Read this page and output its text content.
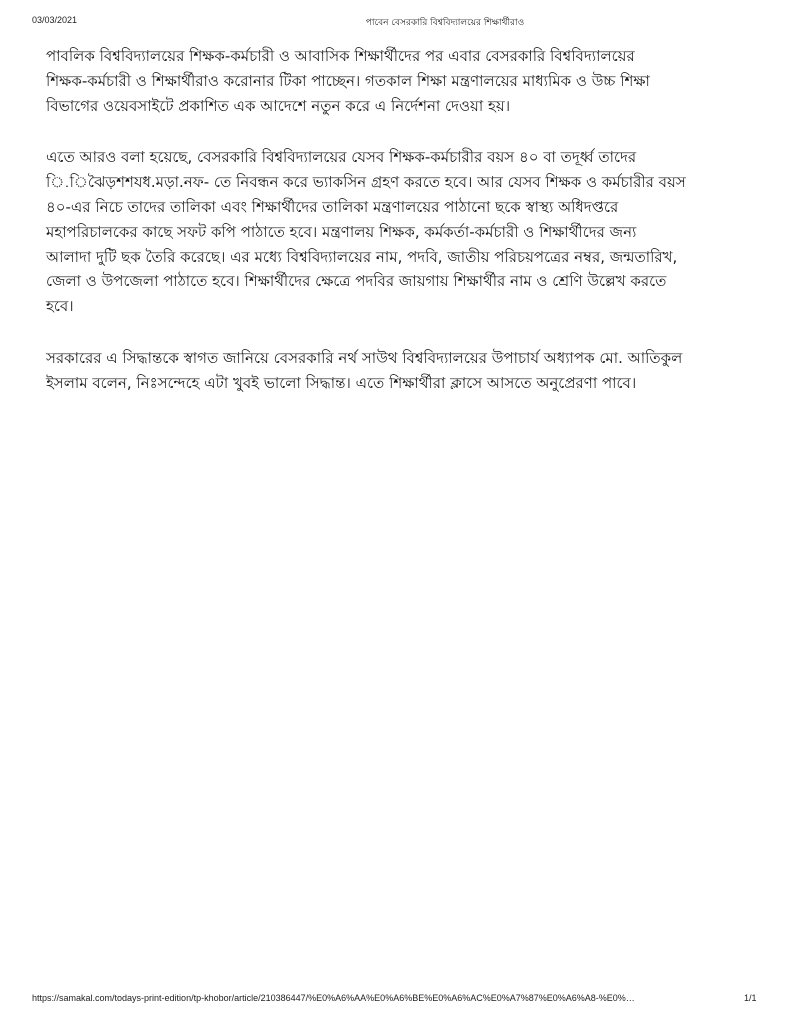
03/03/2021	পাবেন বেসরকারি বিশ্ববিদ্যালয়ের শিক্ষার্থীরাও

পাবলিক বিশ্ববিদ্যালয়ের শিক্ষক-কর্মচারী ও আবাসিক শিক্ষার্থীদের পর এবার বেসরকারি বিশ্ববিদ্যালয়ের
শিক্ষক-কর্মচারী ও শিক্ষার্থীরাও করোনার টিকা পাচ্ছেন। গতকাল শিক্ষা মন্ত্রণালয়ের মাধ্যমিক ও উচ্চ শিক্ষা
বিভাগের ওয়েবসাইটে প্রকাশিত এক আদেশে নতুন করে এ নির্দেশনা দেওয়া হয়।

এতে আরও বলা হয়েছে, বেসরকারি বিশ্ববিদ্যালয়ের যেসব শিক্ষক-কর্মচারীর বয়স ৪০ বা তদূর্ধ্ব তাদের
ি.িঝৈড়শশযধ.মড়া.নফ- তে নিবন্ধন করে ভ্যাকসিন গ্রহণ করতে হবে। আর যেসব শিক্ষক ও কর্মচারীর বয়স
৪০-এর নিচে তাদের তালিকা এবং শিক্ষার্থীদের তালিকা মন্ত্রণালয়ের পাঠানো ছকে স্বাস্থ্য অধিদপ্তরে
মহাপরিচালকের কাছে সফট কপি পাঠাতে হবে। মন্ত্রণালয় শিক্ষক, কর্মকর্তা-কর্মচারী ও শিক্ষার্থীদের জন্য
আলাদা দুটি ছক তৈরি করেছে। এর মধ্যে বিশ্ববিদ্যালয়ের নাম, পদবি, জাতীয় পরিচয়পত্রের নম্বর, জন্মতারিখ,
জেলা ও উপজেলা পাঠাতে হবে। শিক্ষার্থীদের ক্ষেত্রে পদবির জায়গায় শিক্ষার্থীর নাম ও শ্রেণি উল্লেখ করতে
হবে।

সরকারের এ সিদ্ধান্তকে স্বাগত জানিয়ে বেসরকারি নর্থ সাউথ বিশ্ববিদ্যালয়ের উপাচার্য অধ্যাপক মো. আতিকুল
ইসলাম বলেন, নিঃসন্দেহে এটা খুবই ভালো সিদ্ধান্ত। এতে শিক্ষার্থীরা ক্লাসে আসতে অনুপ্রেরণা পাবে।

https://samakal.com/todays-print-edition/tp-khobor/article/210386447/%E0%A6%AA%E0%A6%BE%E0%A6%AC%E0%A7%87%E0%A6%A8-%E0%…	1/1
